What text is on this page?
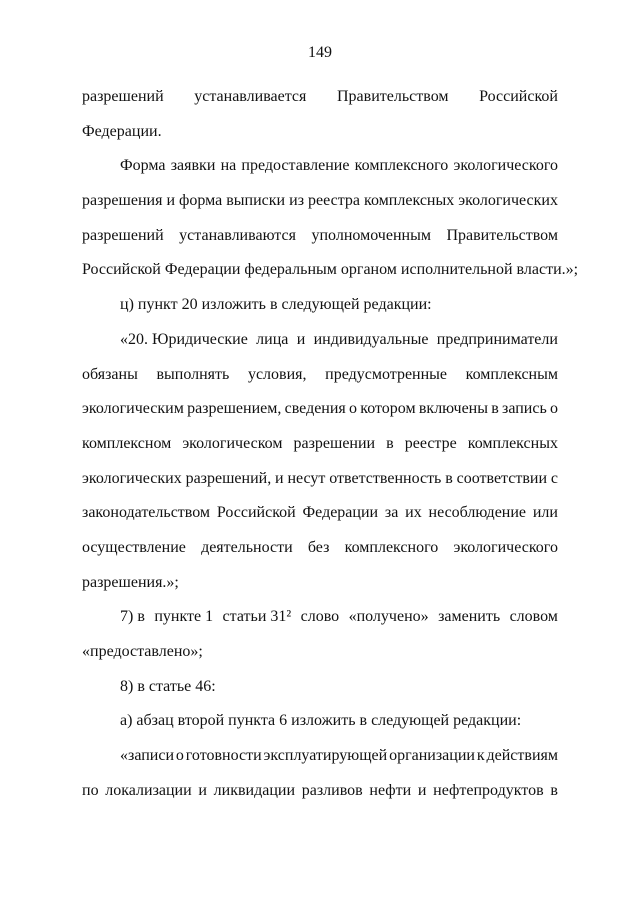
149
разрешений устанавливается Правительством Российской
Федерации.
Форма заявки на предоставление комплексного экологического
разрешения и форма выписки из реестра комплексных экологических
разрешений устанавливаются уполномоченным Правительством
Российской Федерации федеральным органом исполнительной власти.»;
ц) пункт 20 изложить в следующей редакции:
«20. Юридические лица и индивидуальные предприниматели
обязаны выполнять условия, предусмотренные комплексным
экологическим разрешением, сведения о котором включены в запись о
комплексном экологическом разрешении в реестре комплексных
экологических разрешений, и несут ответственность в соответствии с
законодательством Российской Федерации за их несоблюдение или
осуществление деятельности без комплексного экологического
разрешения.»;
7) в пункте 1 статьи 31² слово «получено» заменить словом
«предоставлено»;
8) в статье 46:
а) абзац второй пункта 6 изложить в следующей редакции:
«записи о готовности эксплуатирующей организации к действиям
по локализации и ликвидации разливов нефти и нефтепродуктов в
